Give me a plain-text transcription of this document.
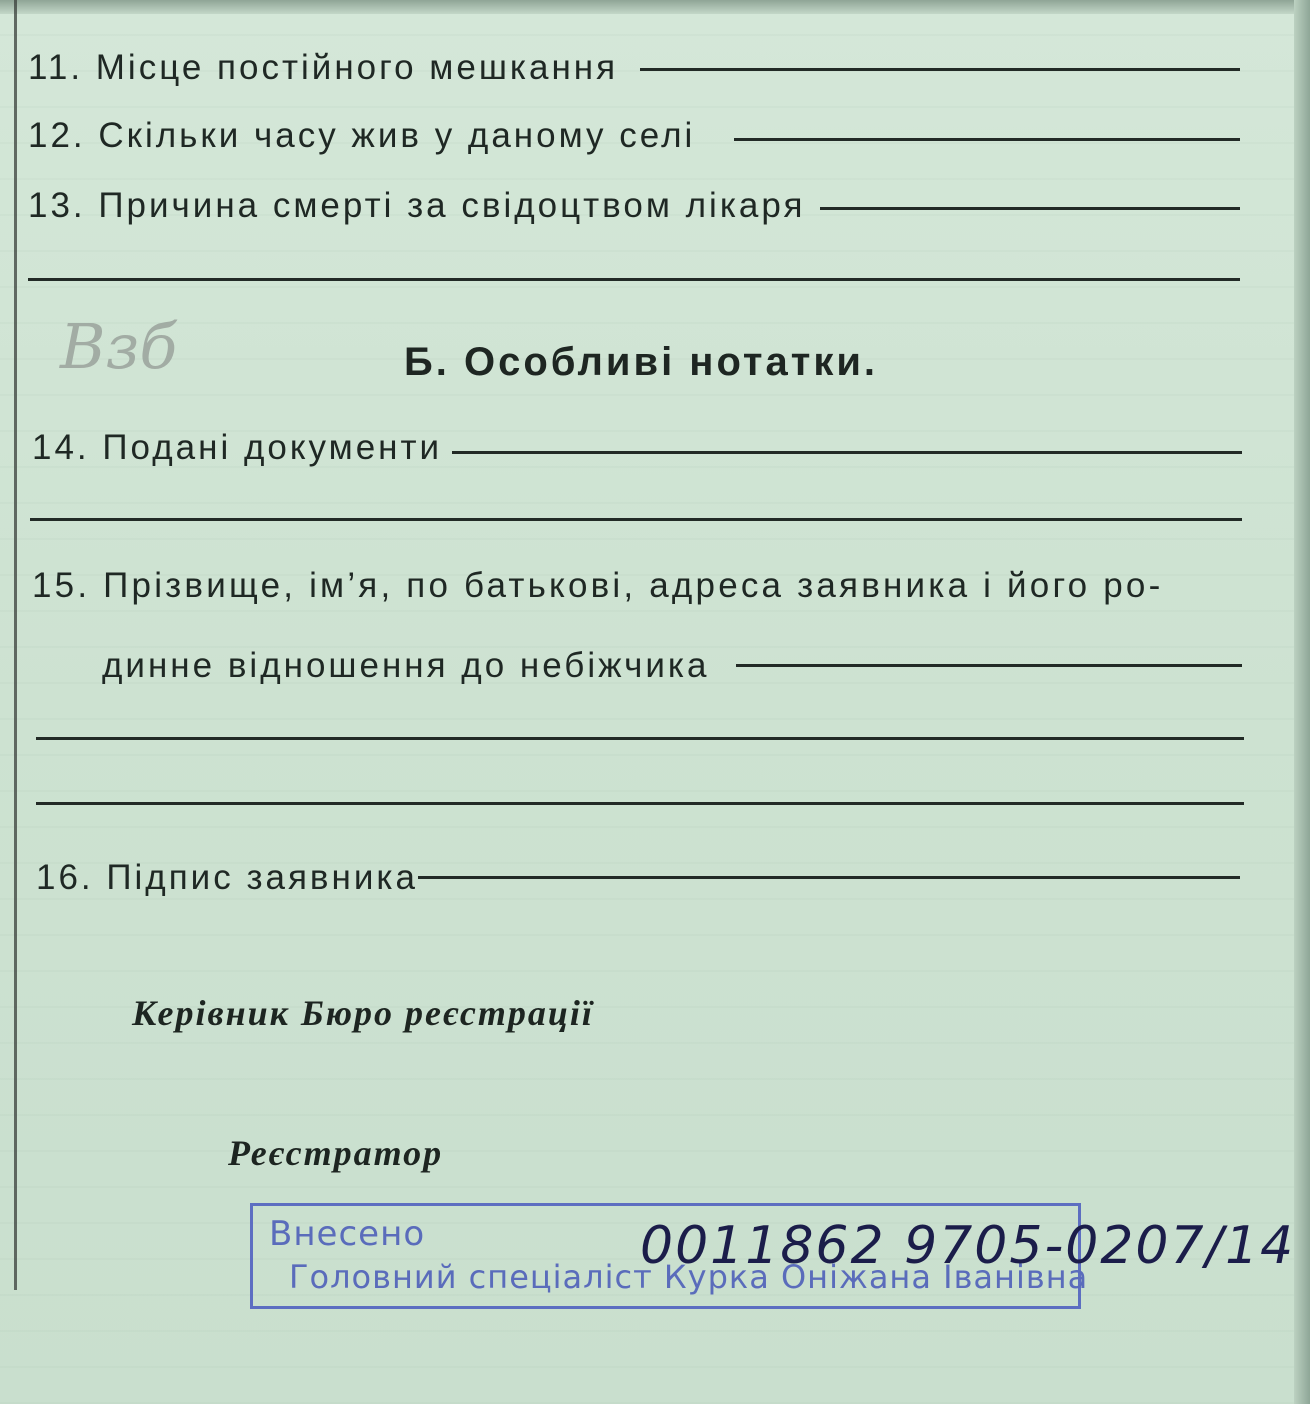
11. Місце постійного мешкання
12. Скільки часу жив у даному селі
13. Причина смерті за свідоцтвом лікаря
Взб	Б. Особливі нотатки.
14. Подані документи
15. Прізвище, ім’я, по батькові, адреса заявника і його ро-
динне відношення до небіжчика
16. Підпис заявника
Керівник Бюро реєстрації
Реєстратор
Внесено
Головний спеціаліст Курка Оніжана Іванівна
0011862 9705-0207/14
